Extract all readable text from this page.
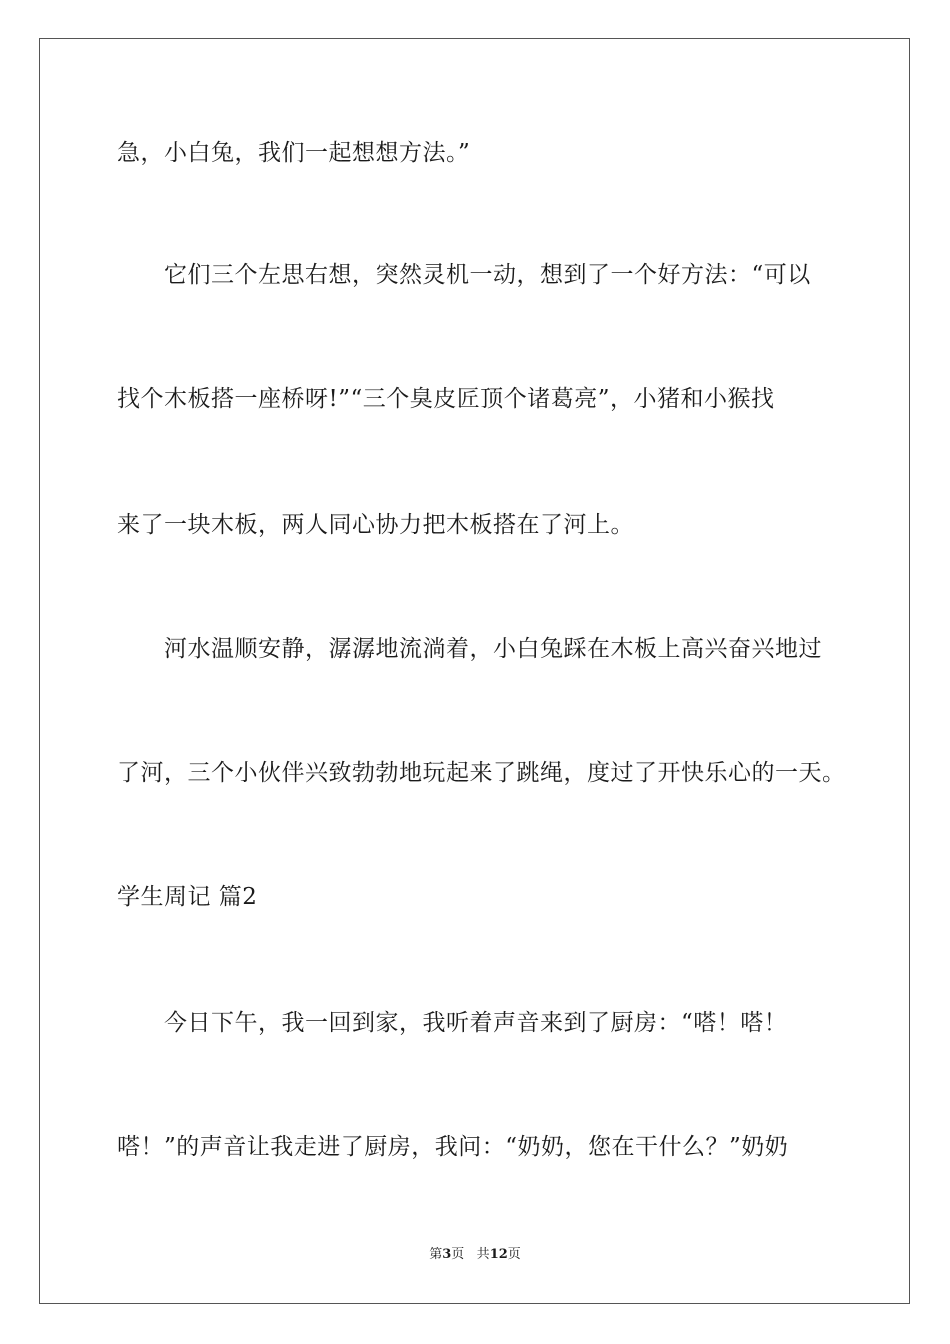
急，小白兔，我们一起想想方法。”
它们三个左思右想，突然灵机一动，想到了一个好方法：“可以
找个木板搭一座桥呀!”“三个臭皮匠顶个诸葛亮”，小猪和小猴找
来了一块木板，两人同心协力把木板搭在了河上。
河水温顺安静，潺潺地流淌着，小白兔踩在木板上高兴奋兴地过
了河，三个小伙伴兴致勃勃地玩起来了跳绳，度过了开快乐心的一天。
学生周记 篇2
今日下午，我一回到家，我听着声音来到了厨房：“嗒！嗒！
嗒！”的声音让我走进了厨房，我问：“奶奶，您在干什么？”奶奶
第3页 共12页
